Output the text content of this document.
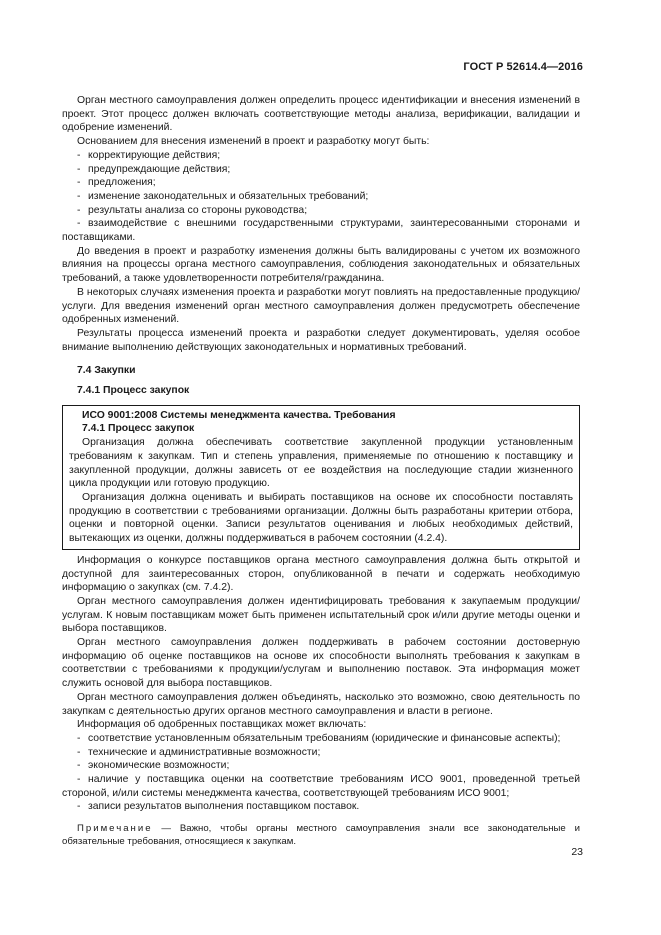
ГОСТ Р 52614.4—2016

Орган местного самоуправления должен определить процесс идентификации и внесения изменений в проект. Этот процесс должен включать соответствующие методы анализа, верификации, валидации и одобрение изменений.

Основанием для внесения изменений в проект и разработку могут быть:

- корректирующие действия;

- предупреждающие действия;

- предложения;

- изменение законодательных и обязательных требований;

- результаты анализа со стороны руководства;

- взаимодействие с внешними государственными структурами, заинтересованными сторонами и поставщиками.

До введения в проект и разработку изменения должны быть валидированы с учетом их возможного влияния на процессы органа местного самоуправления, соблюдения законодательных и обязательных требований, а также удовлетворенности потребителя/гражданина.

В некоторых случаях изменения проекта и разработки могут повлиять на предоставленные продукцию/услуги. Для введения изменений орган местного самоуправления должен предусмотреть обеспечение одобренных изменений.

Результаты процесса изменений проекта и разработки следует документировать, уделяя особое внимание выполнению действующих законодательных и нормативных требований.

7.4 Закупки

7.4.1 Процесс закупок

ИСО 9001:2008 Системы менеджмента качества. Требования

7.4.1 Процесс закупок

Организация должна обеспечивать соответствие закупленной продукции установленным требованиям к закупкам. Тип и степень управления, применяемые по отношению к поставщику и закупленной продукции, должны зависеть от ее воздействия на последующие стадии жизненного цикла продукции или готовую продукцию.

Организация должна оценивать и выбирать поставщиков на основе их способности поставлять продукцию в соответствии с требованиями организации. Должны быть разработаны критерии отбора, оценки и повторной оценки. Записи результатов оценивания и любых необходимых действий, вытекающих из оценки, должны поддерживаться в рабочем состоянии (4.2.4).

Информация о конкурсе поставщиков органа местного самоуправления должна быть открытой и доступной для заинтересованных сторон, опубликованной в печати и содержать необходимую информацию о закупках (см. 7.4.2).

Орган местного самоуправления должен идентифицировать требования к закупаемым продукции/услугам. К новым поставщикам может быть применен испытательный срок и/или другие методы оценки и выбора поставщиков.

Орган местного самоуправления должен поддерживать в рабочем состоянии достоверную информацию об оценке поставщиков на основе их способности выполнять требования к закупкам в соответствии с требованиями к продукции/услугам и выполнению поставок. Эта информация может служить основой для выбора поставщиков.

Орган местного самоуправления должен объединять, насколько это возможно, свою деятельность по закупкам с деятельностью других органов местного самоуправления и власти в регионе.

Информация об одобренных поставщиках может включать:

- соответствие установленным обязательным требованиям (юридические и финансовые аспекты);

- технические и административные возможности;

- экономические возможности;

- наличие у поставщика оценки на соответствие требованиям ИСО 9001, проведенной третьей стороной, и/или системы менеджмента качества, соответствующей требованиям ИСО 9001;

- записи результатов выполнения поставщиком поставок.

Примечание — Важно, чтобы органы местного самоуправления знали все законодательные и обязательные требования, относящиеся к закупкам.

23
